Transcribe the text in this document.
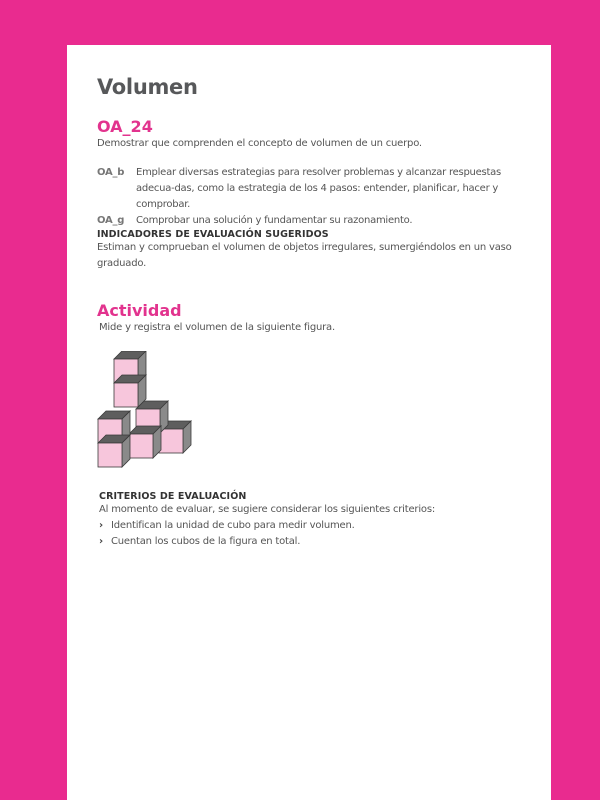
Volumen
OA_24
Demostrar que comprenden el concepto de volumen de un cuerpo.
OA_b	Emplear diversas estrategias para resolver problemas y alcanzar respuestas adecua-das, como la estrategia de los 4 pasos: entender, planificar, hacer y comprobar.
OA_g	Comprobar una solución y fundamentar su razonamiento.
INDICADORES DE EVALUACIÓN SUGERIDOS
Estiman y comprueban el volumen de objetos irregulares, sumergiéndolos en un vaso graduado.
Actividad
Mide y registra el volumen de la siguiente figura.
CRITERIOS DE EVALUACIÓN
Al momento de evaluar, se sugiere considerar los siguientes criterios:
› Identifican la unidad de cubo para medir volumen.
› Cuentan los cubos de la figura en total.
